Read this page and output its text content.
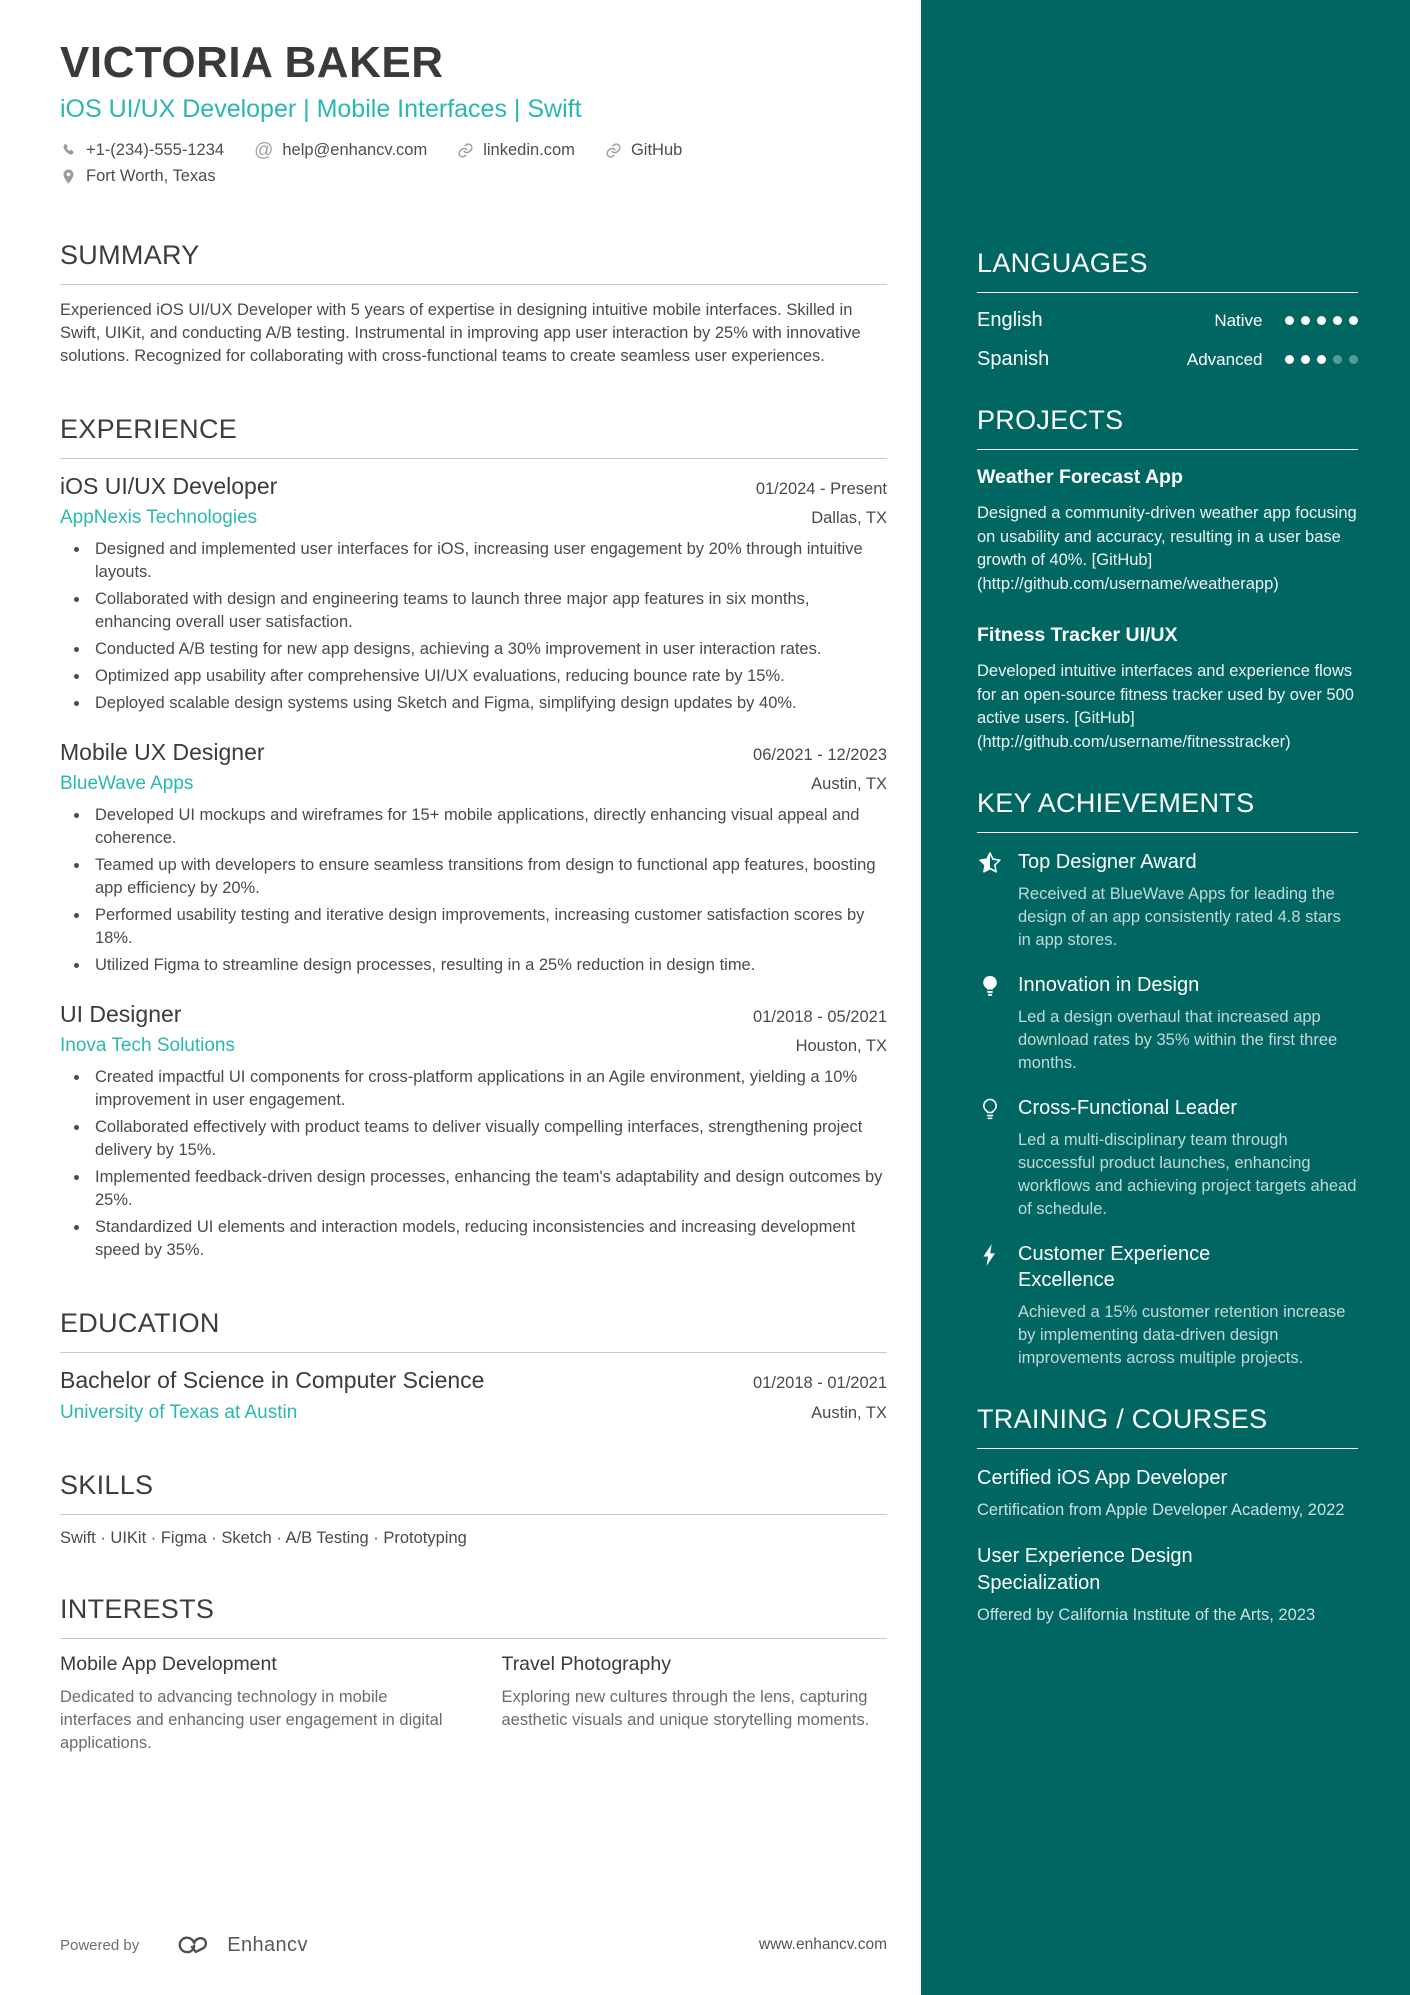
VICTORIA BAKER
iOS UI/UX Developer | Mobile Interfaces | Swift
+1-(234)-555-1234 @ help@enhancv.com	linkedin.com	GitHub
Fort Worth, Texas
SUMMARY

Experienced iOS UI/UX Developer with 5 years of expertise in designing intuitive mobile interfaces. Skilled in Swift, UIKit, and conducting A/B testing. Instrumental in improving app user interaction by 25% with innovative solutions. Recognized for collaborating with cross-functional teams to create seamless user experiences.

EXPERIENCE
iOS UI/UX Developer	01/2024 - Present
AppNexis Technologies	Dallas, TX
Designed and implemented user interfaces for iOS, increasing user engagement by 20% through intuitive layouts.
Collaborated with design and engineering teams to launch three major app features in six months, enhancing overall user satisfaction.
Conducted A/B testing for new app designs, achieving a 30% improvement in user interaction rates.
Optimized app usability after comprehensive UI/UX evaluations, reducing bounce rate by 15%.
Deployed scalable design systems using Sketch and Figma, simplifying design updates by 40%.
Mobile UX Designer	06/2021 - 12/2023
BlueWave Apps	Austin, TX
Developed UI mockups and wireframes for 15+ mobile applications, directly enhancing visual appeal and coherence.
Teamed up with developers to ensure seamless transitions from design to functional app features, boosting app efficiency by 20%.
Performed usability testing and iterative design improvements, increasing customer satisfaction scores by 18%.
Utilized Figma to streamline design processes, resulting in a 25% reduction in design time.
UI Designer	01/2018 - 05/2021
Inova Tech Solutions	Houston, TX
Created impactful UI components for cross-platform applications in an Agile environment, yielding a 10% improvement in user engagement.
Collaborated effectively with product teams to deliver visually compelling interfaces, strengthening project delivery by 15%.
Implemented feedback-driven design processes, enhancing the team's adaptability and design outcomes by 25%.
Standardized UI elements and interaction models, reducing inconsistencies and increasing development speed by 35%.
EDUCATION
Bachelor of Science in Computer Science	01/2018 - 01/2021
University of Texas at Austin	Austin, TX
SKILLS

Swift · UIKit · Figma · Sketch · A/B Testing · Prototyping

INTERESTS
Mobile App Development
Dedicated to advancing technology in mobile interfaces and enhancing user engagement in digital applications.
Travel Photography
Exploring new cultures through the lens, capturing aesthetic visuals and unique storytelling moments.
Powered by	Enhancv	www.enhancv.com
LANGUAGES
English	Native
Spanish	Advanced
PROJECTS
Weather Forecast App
Designed a community-driven weather app focusing on usability and accuracy, resulting in a user base growth of 40%. [GitHub] (http://github.com/username/weatherapp)
Fitness Tracker UI/UX
Developed intuitive interfaces and experience flows for an open-source fitness tracker used by over 500 active users. [GitHub] (http://github.com/username/fitnesstracker)
KEY ACHIEVEMENTS
Top Designer Award
Received at BlueWave Apps for leading the design of an app consistently rated 4.8 stars in app stores.
Innovation in Design
Led a design overhaul that increased app download rates by 35% within the first three months.
Cross-Functional Leader
Led a multi-disciplinary team through successful product launches, enhancing workflows and achieving project targets ahead of schedule.
Customer Experience Excellence
Achieved a 15% customer retention increase by implementing data-driven design improvements across multiple projects.
TRAINING / COURSES
Certified iOS App Developer
Certification from Apple Developer Academy, 2022
User Experience Design Specialization
Offered by California Institute of the Arts, 2023
